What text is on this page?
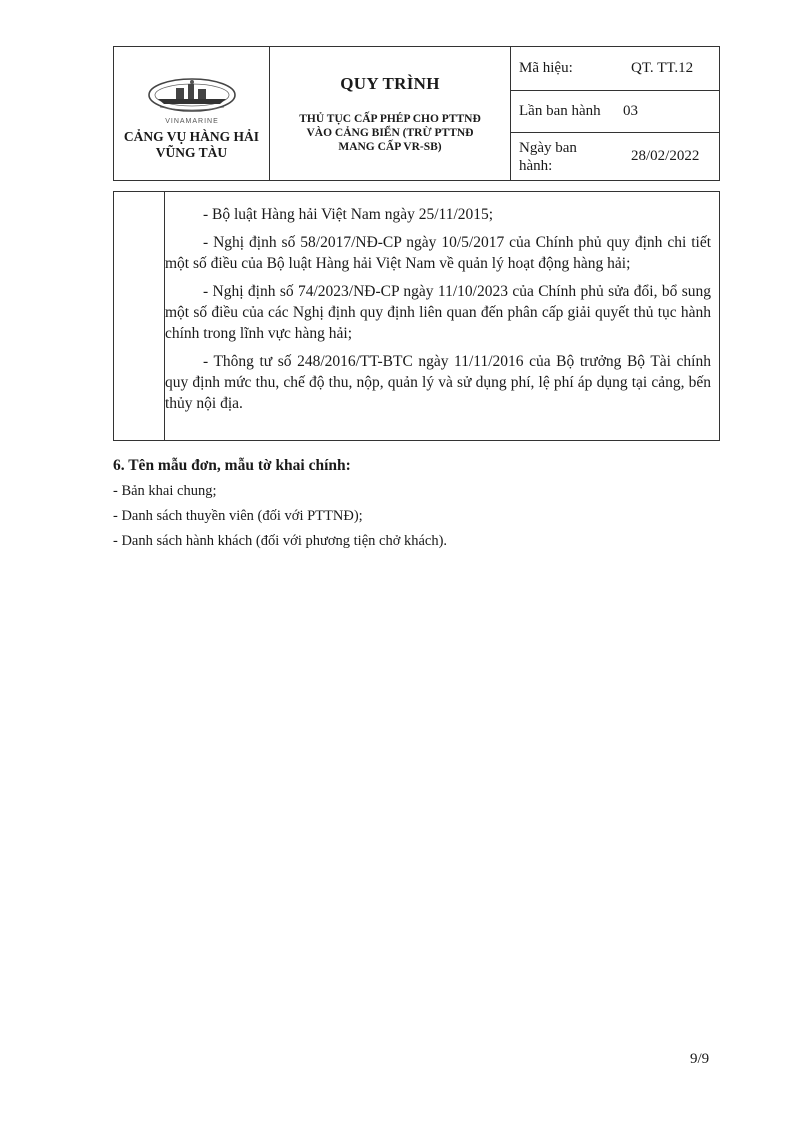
VINAMARINE
CẢNG VỤ HÀNG HẢI
VŨNG TÀU

QUY TRÌNH
THỦ TỤC CẤP PHÉP CHO PTTNĐ VÀO CẢNG BIỂN (TRỪ PTTNĐ MANG CẤP VR-SB)

Mã hiệu:	QT. TT.12
Lần ban hành	03
Ngày ban
hành:
28/02/2022

- Bộ luật Hàng hải Việt Nam ngày 25/11/2015;

- Nghị định số 58/2017/NĐ-CP ngày 10/5/2017 của Chính phủ quy định chi tiết một số điều của Bộ luật Hàng hải Việt Nam về quản lý hoạt động hàng hải;

- Nghị định số 74/2023/NĐ-CP ngày 11/10/2023 của Chính phủ sửa đổi, bổ sung một số điều của các Nghị định quy định liên quan đến phân cấp giải quyết thủ tục hành chính trong lĩnh vực hàng hải;

- Thông tư số 248/2016/TT-BTC ngày 11/11/2016 của Bộ trưởng Bộ Tài chính quy định mức thu, chế độ thu, nộp, quản lý và sử dụng phí, lệ phí áp dụng tại cảng, bến thủy nội địa.

6. Tên mẫu đơn, mẫu tờ khai chính:
- Bản khai chung;
- Danh sách thuyền viên (đối với PTTNĐ);
- Danh sách hành khách (đối với phương tiện chở khách).
9/9
